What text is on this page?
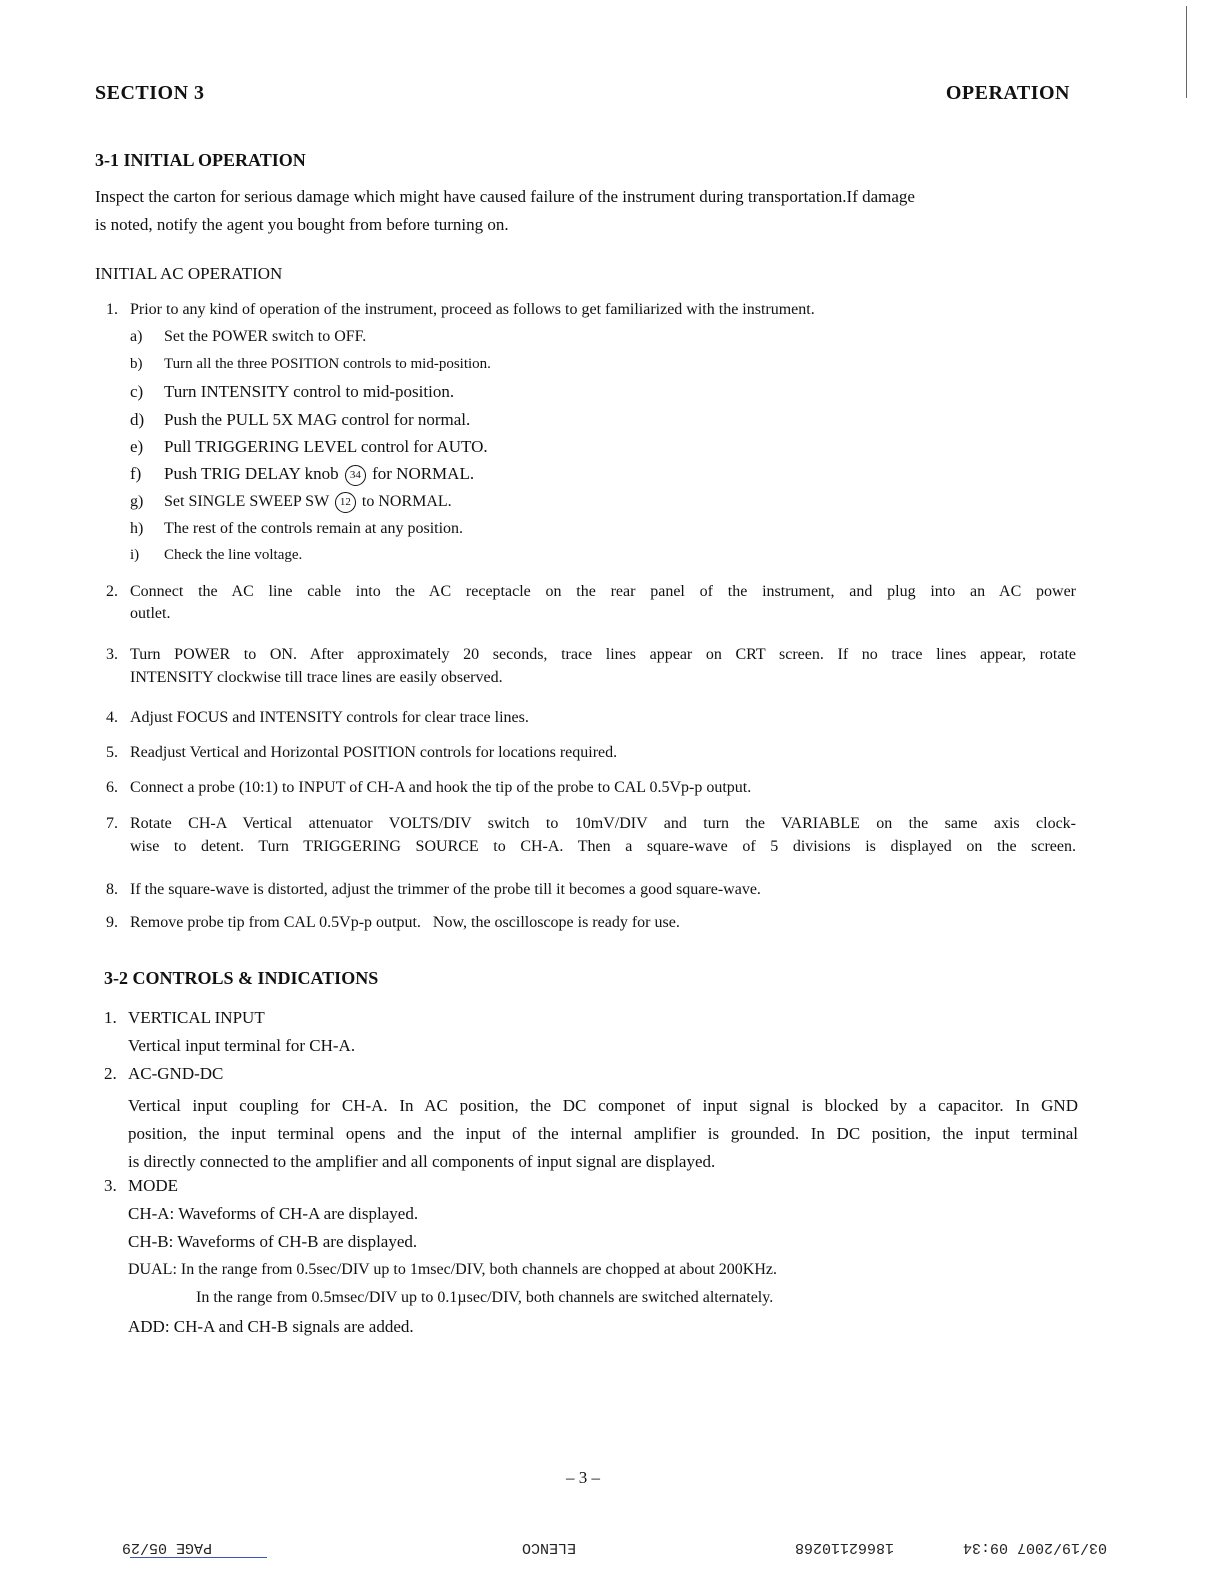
SECTION 3	OPERATION
3-1 INITIAL OPERATION
Inspect the carton for serious damage which might have caused failure of the instrument during transportation.If damage
is noted, notify the agent you bought from before turning on.
INITIAL AC OPERATION
1. Prior to any kind of operation of the instrument, proceed as follows to get familiarized with the instrument.
a) Set the POWER switch to OFF.
b) Turn all the three POSITION controls to mid-position.
c) Turn INTENSITY control to mid-position.
d) Push the PULL 5X MAG control for normal.
e) Pull TRIGGERING LEVEL control for AUTO.
f) Push TRIG DELAY knob 34 for NORMAL.
g) Set SINGLE SWEEP SW 12 to NORMAL.
h) The rest of the controls remain at any position.
i) Check the line voltage.
2. Connect the AC line cable into the AC receptacle on the rear panel of the instrument, and plug into an AC power
outlet.
3. Turn POWER to ON. After approximately 20 seconds, trace lines appear on CRT screen. If no trace lines appear, rotate
INTENSITY clockwise till trace lines are easily observed.
4. Adjust FOCUS and INTENSITY controls for clear trace lines.
5. Readjust Vertical and Horizontal POSITION controls for locations required.
6. Connect a probe (10:1) to INPUT of CH-A and hook the tip of the probe to CAL 0.5Vp-p output.
7. Rotate CH-A Vertical attenuator VOLTS/DIV switch to 10mV/DIV and turn the VARIABLE on the same axis clock-
wise to detent. Turn TRIGGERING SOURCE to CH-A. Then a square-wave of 5 divisions is displayed on the screen.
8. If the square-wave is distorted, adjust the trimmer of the probe till it becomes a good square-wave.
9. Remove probe tip from CAL 0.5Vp-p output.   Now, the oscilloscope is ready for use.
3-2 CONTROLS & INDICATIONS
1. VERTICAL INPUT
Vertical input terminal for CH-A.
2. AC-GND-DC
Vertical input coupling for CH-A. In AC position, the DC componet of input signal is blocked by a capacitor. In GND
position, the input terminal opens and the input of the internal amplifier is grounded. In DC position, the input terminal
is directly connected to the amplifier and all components of input signal are displayed.
3. MODE
CH-A: Waveforms of CH-A are displayed.
CH-B: Waveforms of CH-B are displayed.
DUAL: In the range from 0.5sec/DIV up to 1msec/DIV, both channels are chopped at about 200KHz.
In the range from 0.5msec/DIV up to 0.1µsec/DIV, both channels are switched alternately.
ADD: CH-A and CH-B signals are added.
– 3 –
PAGE 05/29	ELENCO	18662110268	03/19/2007 09:34
